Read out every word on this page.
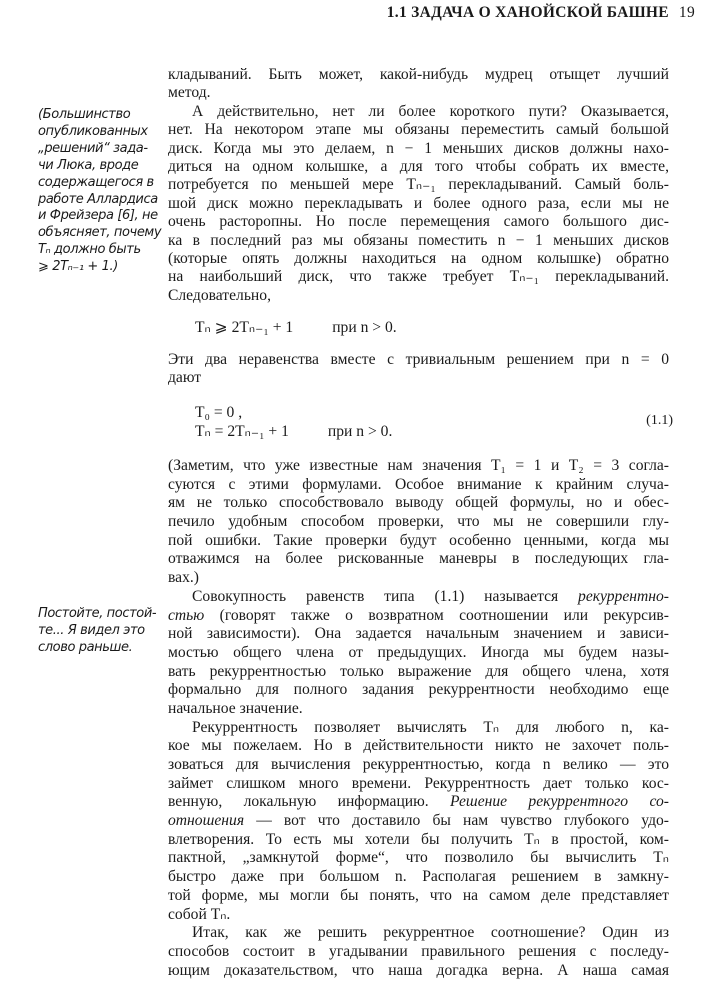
1.1 ЗАДАЧА О ХАНОЙСКОЙ БАШНЕ 19
(Большинство
опубликованных
„решений“ зада-
чи Люка, вроде
содержащегося в
работе Аллардиса
и Фрейзера [6], не
объясняет, почему
Tₙ должно быть
⩾ 2Tₙ₋₁ + 1.)
Постойте, постой-
те... Я видел это
слово раньше.
кладываний. Быть может, какой-нибудь мудрец отыщет лучший
метод.
А действительно, нет ли более короткого пути? Оказывается,
нет. На некотором этапе мы обязаны переместить самый большой
диск. Когда мы это делаем, n − 1 меньших дисков должны нахо-
диться на одном колышке, а для того чтобы собрать их вместе,
потребуется по меньшей мере Tₙ₋₁ перекладываний. Самый боль-
шой диск можно перекладывать и более одного раза, если мы не
очень расторопны. Но после перемещения самого большого дис-
ка в последний раз мы обязаны поместить n − 1 меньших дисков
(которые опять должны находиться на одном колышке) обратно
на наибольший диск, что также требует Tₙ₋₁ перекладываний.
Следовательно,
Tₙ ⩾ 2Tₙ₋₁ + 1 при n > 0.
Эти два неравенства вместе с тривиальным решением при n = 0
дают
T₀ = 0 ,
Tₙ = 2Tₙ₋₁ + 1 при n > 0.
(1.1)
(Заметим, что уже известные нам значения T₁ = 1 и T₂ = 3 согла-
суются с этими формулами. Особое внимание к крайним случа-
ям не только способствовало выводу общей формулы, но и обес-
печило удобным способом проверки, что мы не совершили глу-
пой ошибки. Такие проверки будут особенно ценными, когда мы
отважимся на более рискованные маневры в последующих гла-
вах.)
Совокупность равенств типа (1.1) называется рекуррентно-
стью (говорят также о возвратном соотношении или рекурсив-
ной зависимости). Она задается начальным значением и зависи-
мостью общего члена от предыдущих. Иногда мы будем назы-
вать рекуррентностью только выражение для общего члена, хотя
формально для полного задания рекуррентности необходимо еще
начальное значение.
Рекуррентность позволяет вычислять Tₙ для любого n, ка-
кое мы пожелаем. Но в действительности никто не захочет поль-
зоваться для вычисления рекуррентностью, когда n велико — это
займет слишком много времени. Рекуррентность дает только кос-
венную, локальную информацию. Решение рекуррентного со-
отношения — вот что доставило бы нам чувство глубокого удо-
влетворения. То есть мы хотели бы получить Tₙ в простой, ком-
пактной, „замкнутой форме“, что позволило бы вычислить Tₙ
быстро даже при большом n. Располагая решением в замкну-
той форме, мы могли бы понять, что на самом деле представляет
собой Tₙ.
Итак, как же решить рекуррентное соотношение? Один из
способов состоит в угадывании правильного решения с последу-
ющим доказательством, что наша догадка верна. А наша самая
